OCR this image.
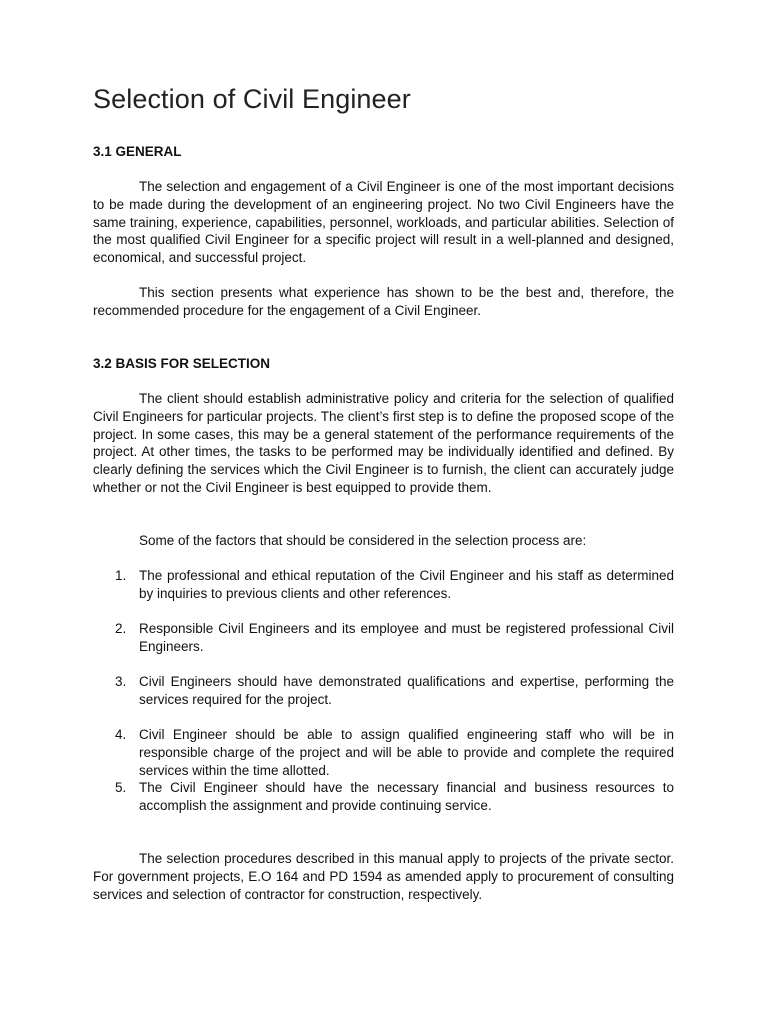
Selection of Civil Engineer
3.1 GENERAL

The selection and engagement of a Civil Engineer is one of the most important decisions to be made during the development of an engineering project. No two Civil Engineers have the same training, experience, capabilities, personnel, workloads, and particular abilities. Selection of the most qualified Civil Engineer for a specific project will result in a well-planned and designed, economical, and successful project.

This section presents what experience has shown to be the best and, therefore, the recommended procedure for the engagement of a Civil Engineer.

3.2 BASIS FOR SELECTION

The client should establish administrative policy and criteria for the selection of qualified Civil Engineers for particular projects. The client’s first step is to define the proposed scope of the project. In some cases, this may be a general statement of the performance requirements of the project. At other times, the tasks to be performed may be individually identified and defined. By clearly defining the services which the Civil Engineer is to furnish, the client can accurately judge whether or not the Civil Engineer is best equipped to provide them.

Some of the factors that should be considered in the selection process are:

1. The professional and ethical reputation of the Civil Engineer and his staff as determined by inquiries to previous clients and other references.
2. Responsible Civil Engineers and its employee and must be registered professional Civil Engineers.
3. Civil Engineers should have demonstrated qualifications and expertise, performing the services required for the project.
4. Civil Engineer should be able to assign qualified engineering staff who will be in responsible charge of the project and will be able to provide and complete the required services within the time allotted.
5. The Civil Engineer should have the necessary financial and business resources to accomplish the assignment and provide continuing service.

The selection procedures described in this manual apply to projects of the private sector. For government projects, E.O 164 and PD 1594 as amended apply to procurement of consulting services and selection of contractor for construction, respectively.
